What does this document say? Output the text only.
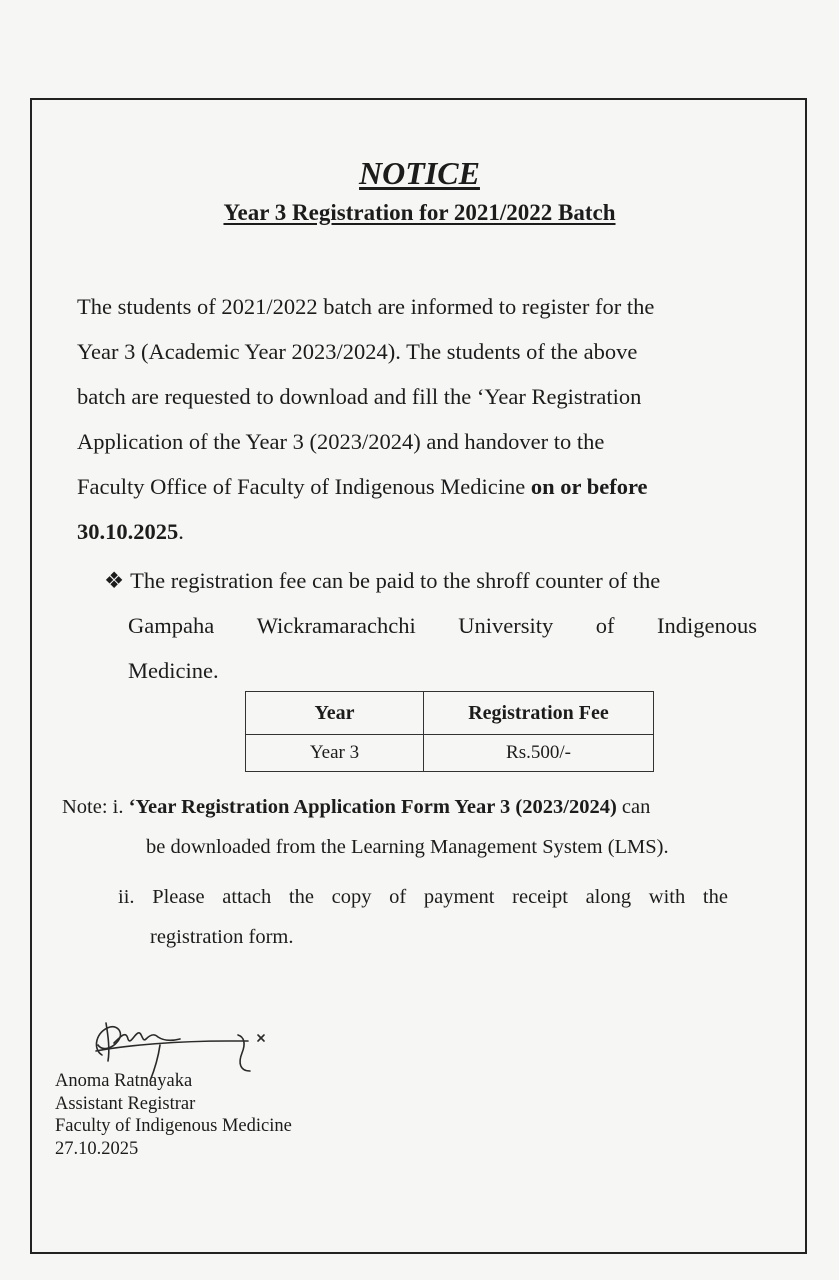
NOTICE
Year 3 Registration for 2021/2022 Batch
The students of 2021/2022 batch are informed to register for the
Year 3 (Academic Year 2023/2024). The students of the above
batch are requested to download and fill the ‘Year Registration
Application of the Year 3 (2023/2024) and handover to the
Faculty Office of Faculty of Indigenous Medicine on or before
30.10.2025.
❖ The registration fee can be paid to the shroff counter of the
Gampaha Wickramarachchi University of Indigenous
Medicine.
Year	Registration Fee
Year 3	Rs.500/-
Note: i. ‘Year Registration Application Form Year 3 (2023/2024) can
be downloaded from the Learning Management System (LMS).
ii. Please attach the copy of payment receipt along with the
registration form.
Anoma Ratnayaka
Assistant Registrar
Faculty of Indigenous Medicine
27.10.2025
